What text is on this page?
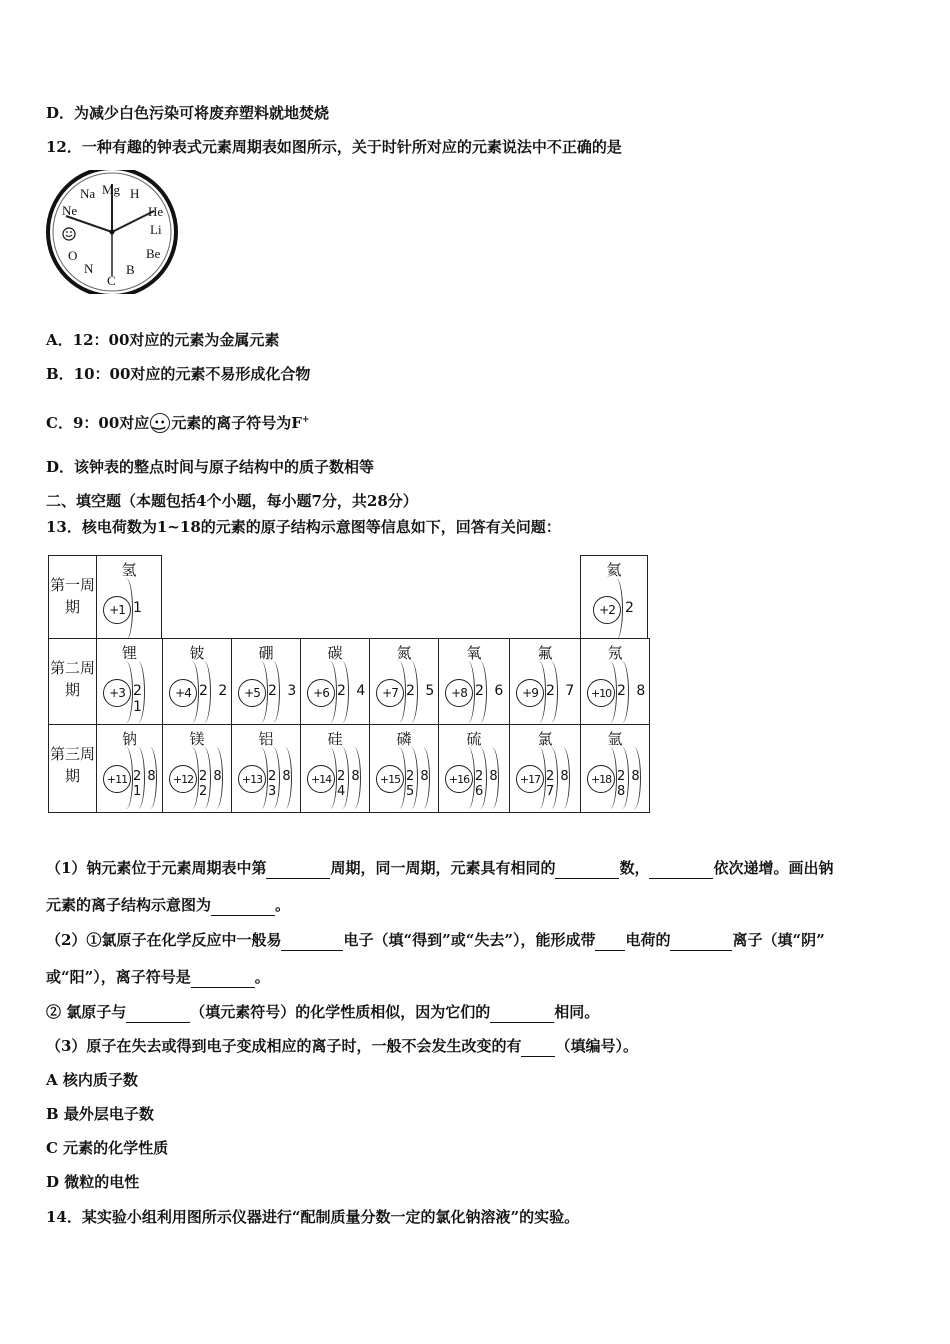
D．为减少白色污染可将废弃塑料就地焚烧
12．一种有趣的钟表式元素周期表如图所示，关于时针所对应的元素说法中不正确的是
H
He
Li
Be
B
C
N
O
Ne
Na Mg
A．12：00对应的元素为金属元素
B．10：00对应的元素不易形成化合物
C．9：00对应‿ • • 元素的离子符号为F+
D．该钟表的整点时间与原子结构中的质子数相等
二、填空题（本题包括4个小题，每小题7分，共28分）
13．核电荷数为1~18的元素的原子结构示意图等信息如下，回答有关问题：
第一周期
氢
+1 1
氦
+2 2
第二周期
第三周期
锂
+3 2 1
铍
+4 2 2
硼
+5 2 3
碳
+6 2 4
氮
+7 2 5
氧
+8 2 6
氟
+9 2 7
氖
+10 2 8
钠
+11 2 8 1
镁
+12 2 8 2
铝
+13 2 8 3
硅
+14 2 8 4
磷
+15 2 8 5
硫
+16 2 8 6
氯
+17 2 8 7
氩
+18 2 8 8
（1）钠元素位于元素周期表中第	周期，同一周期，元素具有相同的	数，	依次递增。画出钠
元素的离子结构示意图为	。
（2）①氯原子在化学反应中一般易	电子（填“得到”或“失去”），能形成带 电荷的	离子（填“阴”
或“阳”），离子符号是	。
② 氯原子与	（填元素符号）的化学性质相似，因为它们的	相同。
（3）原子在失去或得到电子变成相应的离子时，一般不会发生改变的有 （填编号）。
A 核内质子数
B 最外层电子数
C 元素的化学性质
D 微粒的电性
14．某实验小组利用图所示仪器进行“配制质量分数一定的氯化钠溶液”的实验。
